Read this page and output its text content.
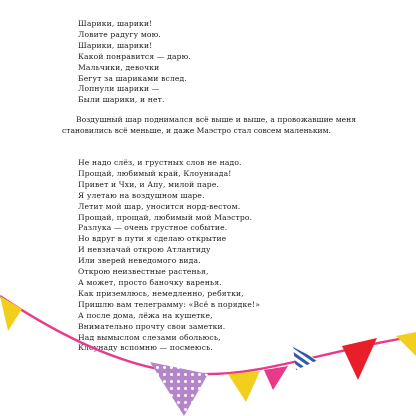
Шарики, шарики!
Ловите радугу мою.
Шарики, шарики!
Какой понравится — дарю.
Мальчики, девочки
Бегут за шариками вслед.
Лопнули шарики —
Были шарики, и нет.

Воздушный шар поднимался всё выше и выше, а провожавшие меня становились всё меньше, и даже Маэстро стал совсем маленьким.

Не надо слёз, и грустных слов не надо.
Прощай, любимый край, Клоуниада!
Привет и Чхи, и Апу, милой паре.
Я улетаю на воздушном шаре.
Летит мой шар, уносится норд-вестом.
Прощай, прощай, любимый мой Маэстро.
Разлука — очень грустное событие.
Но вдруг в пути я сделаю открытие
И невзначай открою Атлантиду
Или зверей неведомого вида.
Открою неизвестные растенья,
А может, просто баночку варенья.
Как приземлюсь, немедленно, ребятки,
Пришлю вам телеграмму: «Всё в порядке!»
А после дома, лёжа на кушетке,
Внимательно прочту свои заметки.
Над вымыслом слезами обольюсь,
Клоунаду вспомню — посмеюсь.
